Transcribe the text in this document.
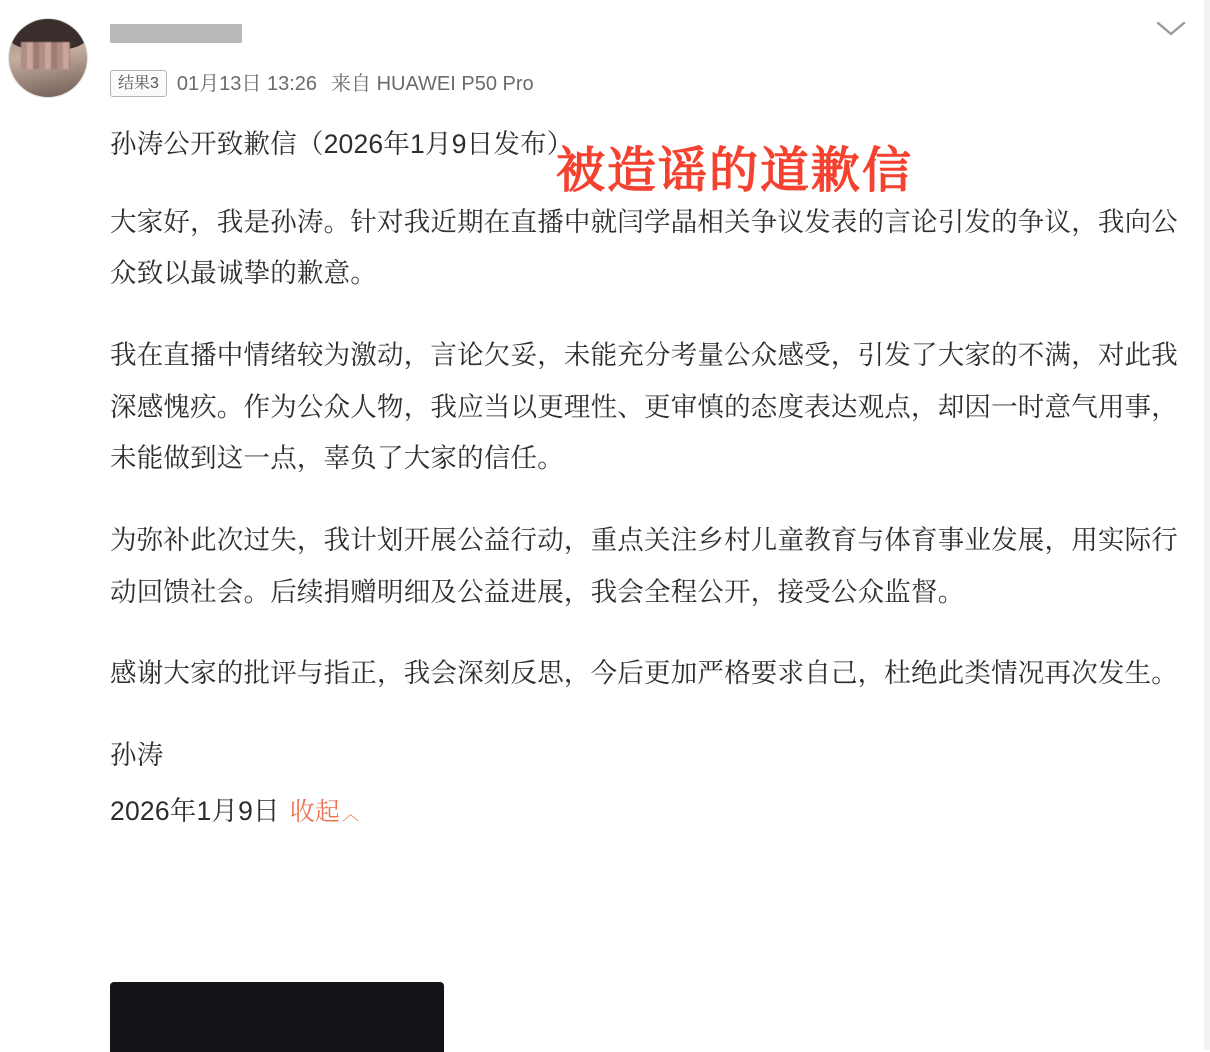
结果3 01月13日 13:26 来自 HUAWEI P50 Pro

孙涛公开致歉信（2026年1月9日发布）

大家好，我是孙涛。针对我近期在直播中就闫学晶相关争议发表的言论引发的争议，我向公众致以最诚挚的歉意。

我在直播中情绪较为激动，言论欠妥，未能充分考量公众感受，引发了大家的不满，对此我深感愧疚。作为公众人物，我应当以更理性、更审慎的态度表达观点，却因一时意气用事，未能做到这一点，辜负了大家的信任。

为弥补此次过失，我计划开展公益行动，重点关注乡村儿童教育与体育事业发展，用实际行动回馈社会。后续捐赠明细及公益进展，我会全程公开，接受公众监督。

感谢大家的批评与指正，我会深刻反思，今后更加严格要求自己，杜绝此类情况再次发生。

孙涛

2026年1月9日 收起 ︿

被造谣的道歉信
